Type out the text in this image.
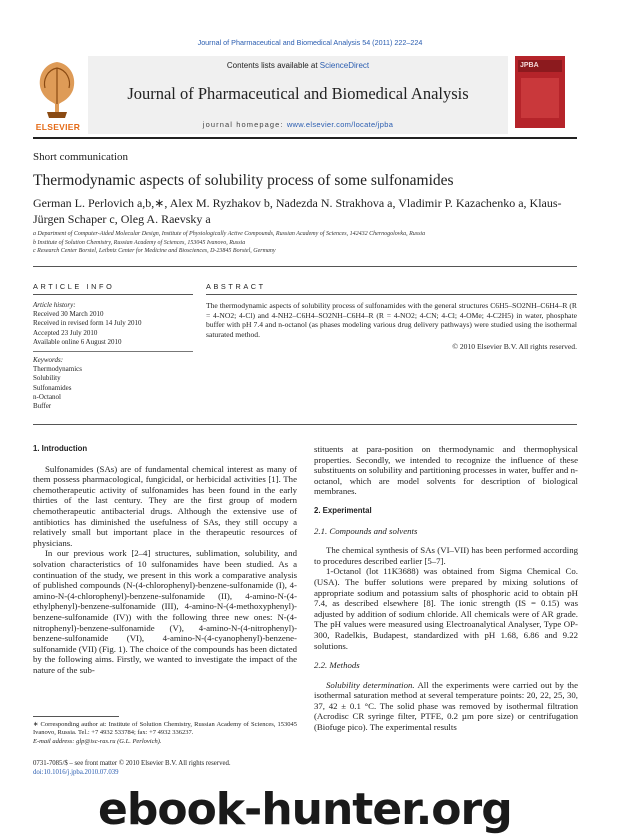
Journal of Pharmaceutical and Biomedical Analysis 54 (2011) 222–224
ELSEVIER
Contents lists available at ScienceDirect
Journal of Pharmaceutical and Biomedical Analysis
journal homepage: www.elsevier.com/locate/jpba
JPBA
Short communication
Thermodynamic aspects of solubility process of some sulfonamides
German L. Perlovich a,b,∗, Alex M. Ryzhakov b, Nadezda N. Strakhova a, Vladimir P. Kazachenko a, Klaus-Jürgen Schaper c, Oleg A. Raevsky a
a Department of Computer-Aided Molecular Design, Institute of Physiologically Active Compounds, Russian Academy of Sciences, 142432 Chernogolovka, Russia
b Institute of Solution Chemistry, Russian Academy of Sciences, 153045 Ivanovo, Russia
c Research Center Borstel, Leibniz Center for Medicine and Biosciences, D-23845 Borstel, Germany
ARTICLE INFO	ABSTRACT
Article history:
Received 30 March 2010
Received in revised form 14 July 2010
Accepted 23 July 2010
Available online 6 August 2010
Keywords:
Thermodynamics
Solubility
Sulfonamides
n-Octanol
Buffer
The thermodynamic aspects of solubility process of sulfonamides with the general structures C6H5–SO2NH–C6H4–R (R = 4-NO2; 4-Cl) and 4-NH2–C6H4–SO2NH–C6H4–R (R = 4-NO2; 4-CN; 4-Cl; 4-OMe; 4-C2H5) in water, phosphate buffer with pH 7.4 and n-octanol (as phases modeling various drug delivery pathways) were studied using the isothermal saturated method.
© 2010 Elsevier B.V. All rights reserved.

1. Introduction

Sulfonamides (SAs) are of fundamental chemical interest as many of them possess pharmacological, fungicidal, or herbicidal activities [1]. The chemotherapeutic activity of sulfonamides has been found in the early thirties of the last century. They are the first group of modern chemotherapeutic antibacterial drugs. Although the extensive use of antibiotics has diminished the usefulness of SAs, they still occupy a relatively small but important place in the therapeutic resources of physicians.

In our previous work [2–4] structures, sublimation, solubility, and solvation characteristics of 10 sulfonamides have been studied. As a continuation of the study, we present in this work a comparative analysis of published compounds (N-(4-chlorophenyl)-benzene-sulfonamide (I), 4-amino-N-(4-chlorophenyl)-benzene-sulfonamide (II), 4-amino-N-(4-ethylphenyl)-benzene-sulfonamide (III), 4-amino-N-(4-methoxyphenyl)-benzene-sulfonamide (IV)) with the following three new ones: N-(4-nitrophenyl)-benzene-sulfonamide (V), 4-amino-N-(4-nitrophenyl)-benzene-sulfonamide (VI), 4-amino-N-(4-cyanophenyl)-benzene-sulfonamide (VII) (Fig. 1). The choice of the compounds has been dictated by the following aims. Firstly, we wanted to investigate the impact of the nature of the sub-

stituents at para-position on thermodynamic and thermophysical properties. Secondly, we intended to recognize the influence of these substituents on solubility and partitioning processes in water, buffer and n-octanol, which are model solvents for description of biological membranes.

2. Experimental

2.1. Compounds and solvents

The chemical synthesis of SAs (VI–VII) has been performed according to procedures described earlier [5–7].

1-Octanol (lot 11K3688) was obtained from Sigma Chemical Co. (USA). The buffer solutions were prepared by mixing solutions of appropriate sodium and potassium salts of phosphoric acid to obtain pH 7.4, as described elsewhere [8]. The ionic strength (IS = 0.15) was adjusted by addition of sodium chloride. All chemicals were of AR grade. The pH values were measured using Electroanalytical Analyser, Type OP-300, Radelkis, Budapest, standardized with pH 1.68, 6.86 and 9.22 solutions.

2.2. Methods

Solubility determination. All the experiments were carried out by the isothermal saturation method at several temperature points: 20, 22, 25, 30, 37, 42 ± 0.1 °C. The solid phase was removed by isothermal filtration (Acrodisc CR syringe filter, PTFE, 0.2 µm pore size) or centrifugation (Biofuge pico). The experimental results

∗ Corresponding author at: Institute of Solution Chemistry, Russian Academy of Sciences, 153045 Ivanovo, Russia. Tel.: +7 4932 533784; fax: +7 4932 336237.
E-mail address: glp@isc-ras.ru (G.L. Perlovich).
0731-7085/$ – see front matter © 2010 Elsevier B.V. All rights reserved.
doi:10.1016/j.jpba.2010.07.039
ebook-hunter.org
